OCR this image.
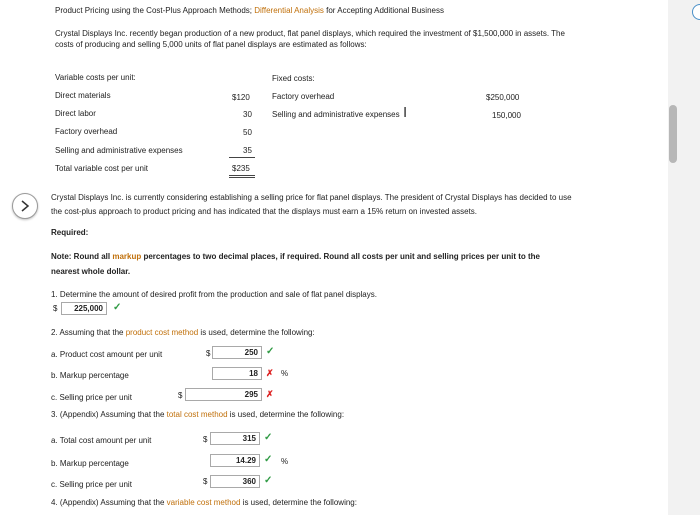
Product Pricing using the Cost-Plus Approach Methods; Differential Analysis for Accepting Additional Business
Crystal Displays Inc. recently began production of a new product, flat panel displays, which required the investment of $1,500,000 in assets. The
costs of producing and selling 5,000 units of flat panel displays are estimated as follows:
Variable costs per unit:
Direct materials	$120
Direct labor	30
Factory overhead	50
Selling and administrative expenses	35
Total variable cost per unit	$235
Fixed costs:
Factory overhead	$250,000
Selling and administrative expenses	150,000
I
Crystal Displays Inc. is currently considering establishing a selling price for flat panel displays. The president of Crystal Displays has decided to use
the cost-plus approach to product pricing and has indicated that the displays must earn a 15% return on invested assets.
Required:
Note: Round all markup percentages to two decimal places, if required. Round all costs per unit and selling prices per unit to the
nearest whole dollar.
1. Determine the amount of desired profit from the production and sale of flat panel displays.
$	225,000	✓
2. Assuming that the product cost method is used, determine the following:
a. Product cost amount per unit	$	250 ✓
b. Markup percentage	18 ✗ %
c. Selling price per unit	$	295 ✗
3. (Appendix) Assuming that the total cost method is used, determine the following:
a. Total cost amount per unit	$	315 ✓
b. Markup percentage	14.29 ✓ %
c. Selling price per unit	$	360 ✓
4. (Appendix) Assuming that the variable cost method is used, determine the following:
